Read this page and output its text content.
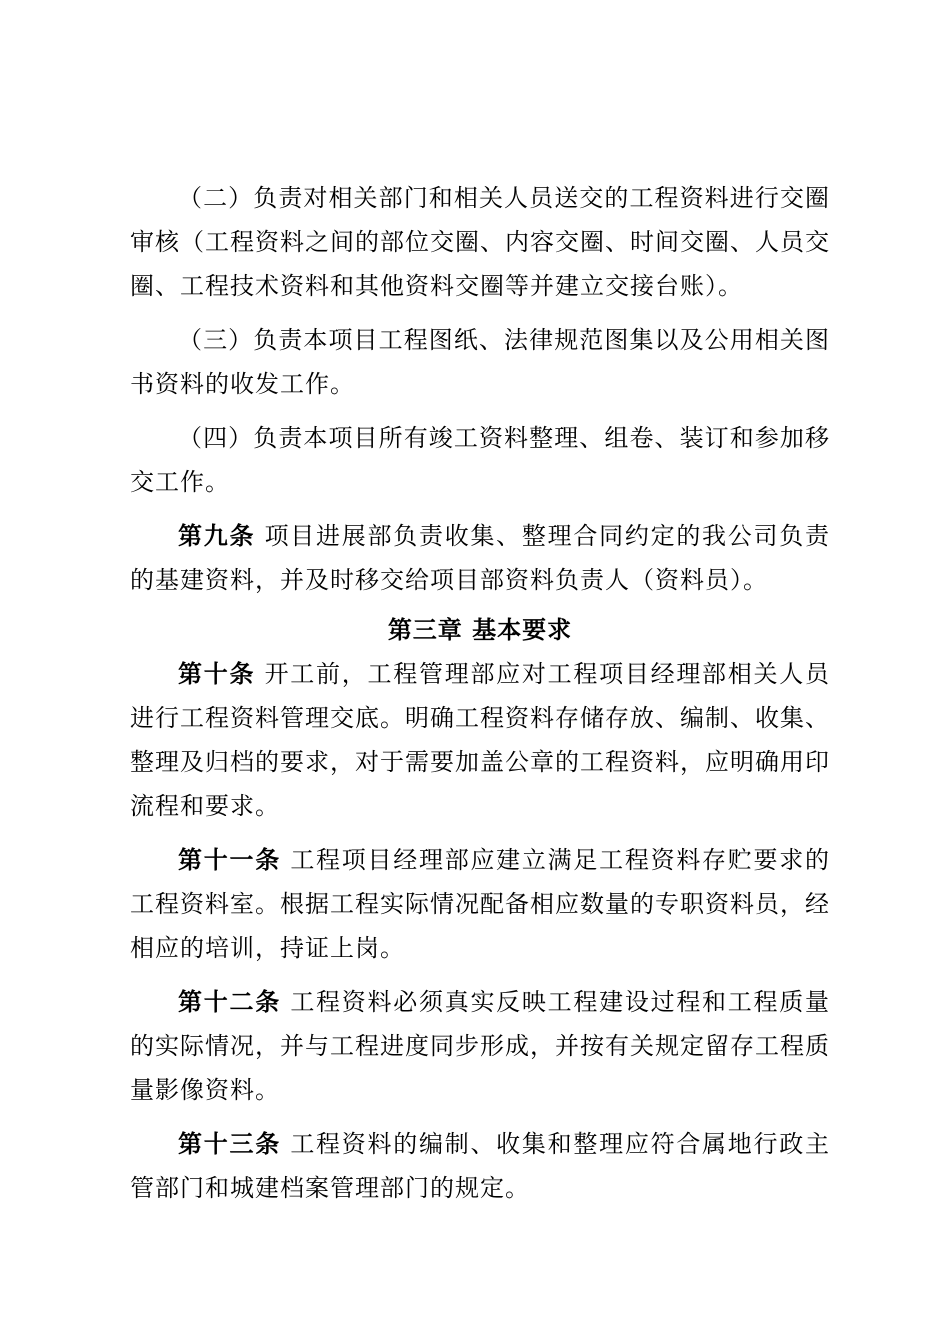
（二）负责对相关部门和相关人员送交的工程资料进行交圈审核（工程资料之间的部位交圈、内容交圈、时间交圈、人员交圈、工程技术资料和其他资料交圈等并建立交接台账）。

（三）负责本项目工程图纸、法律规范图集以及公用相关图书资料的收发工作。

（四）负责本项目所有竣工资料整理、组卷、装订和参加移交工作。

第九条 项目进展部负责收集、整理合同约定的我公司负责的基建资料，并及时移交给项目部资料负责人（资料员）。

第三章 基本要求

第十条 开工前，工程管理部应对工程项目经理部相关人员进行工程资料管理交底。明确工程资料存储存放、编制、收集、整理及归档的要求，对于需要加盖公章的工程资料，应明确用印流程和要求。

第十一条 工程项目经理部应建立满足工程资料存贮要求的工程资料室。根据工程实际情况配备相应数量的专职资料员，经相应的培训，持证上岗。

第十二条 工程资料必须真实反映工程建设过程和工程质量的实际情况，并与工程进度同步形成，并按有关规定留存工程质量影像资料。

第十三条 工程资料的编制、收集和整理应符合属地行政主管部门和城建档案管理部门的规定。
